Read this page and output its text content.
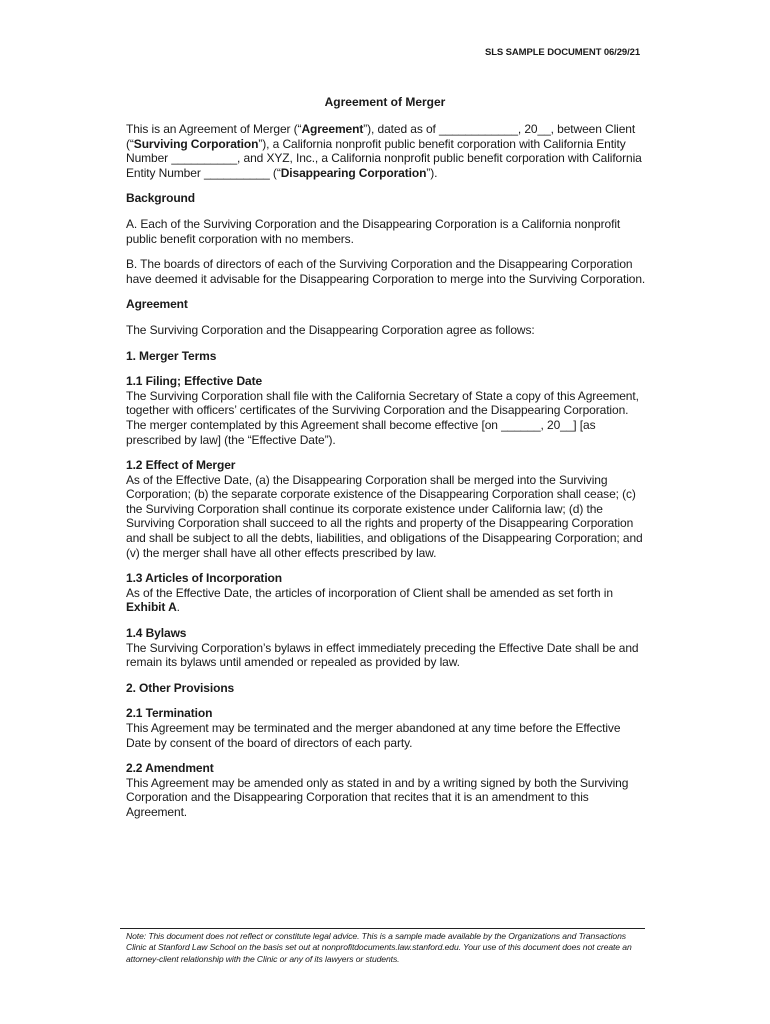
SLS SAMPLE DOCUMENT 06/29/21
Agreement of Merger

This is an Agreement of Merger (“Agreement”), dated as of ____________, 20__, between Client (“Surviving Corporation”), a California nonprofit public benefit corporation with California Entity Number __________, and XYZ, Inc., a California nonprofit public benefit corporation with California Entity Number __________ (“Disappearing Corporation”).

Background

A. Each of the Surviving Corporation and the Disappearing Corporation is a California nonprofit public benefit corporation with no members.

B. The boards of directors of each of the Surviving Corporation and the Disappearing Corporation have deemed it advisable for the Disappearing Corporation to merge into the Surviving Corporation.

Agreement

The Surviving Corporation and the Disappearing Corporation agree as follows:

1. Merger Terms
1.1 Filing; Effective Date

The Surviving Corporation shall file with the California Secretary of State a copy of this Agreement, together with officers’ certificates of the Surviving Corporation and the Disappearing Corporation. The merger contemplated by this Agreement shall become effective [on ______, 20__] [as prescribed by law] (the “Effective Date”).

1.2 Effect of Merger

As of the Effective Date, (a) the Disappearing Corporation shall be merged into the Surviving Corporation; (b) the separate corporate existence of the Disappearing Corporation shall cease; (c) the Surviving Corporation shall continue its corporate existence under California law; (d) the Surviving Corporation shall succeed to all the rights and property of the Disappearing Corporation and shall be subject to all the debts, liabilities, and obligations of the Disappearing Corporation; and (v) the merger shall have all other effects prescribed by law.

1.3 Articles of Incorporation

As of the Effective Date, the articles of incorporation of Client shall be amended as set forth in Exhibit A.

1.4 Bylaws

The Surviving Corporation’s bylaws in effect immediately preceding the Effective Date shall be and remain its bylaws until amended or repealed as provided by law.

2. Other Provisions
2.1 Termination

This Agreement may be terminated and the merger abandoned at any time before the Effective Date by consent of the board of directors of each party.

2.2 Amendment

This Agreement may be amended only as stated in and by a writing signed by both the Surviving Corporation and the Disappearing Corporation that recites that it is an amendment to this Agreement.

Note: This document does not reflect or constitute legal advice. This is a sample made available by the Organizations and Transactions Clinic at Stanford Law School on the basis set out at nonprofitdocuments.law.stanford.edu. Your use of this document does not create an attorney-client relationship with the Clinic or any of its lawyers or students.
